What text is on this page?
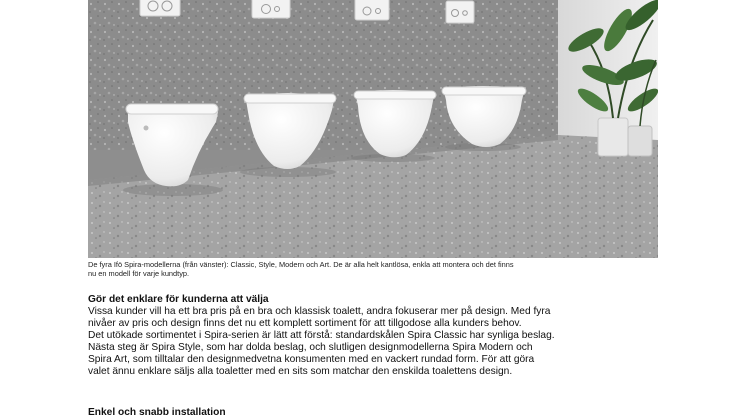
De fyra Ifö Spira-modellerna (från vänster): Classic, Style, Modern och Art. De är alla helt kantlösa, enkla att montera och det finns
nu en modell för varje kundtyp.

Gör det enklare för kunderna att välja

Vissa kunder vill ha ett bra pris på en bra och klassisk toalett, andra fokuserar mer på design. Med fyra
nivåer av pris och design finns det nu ett komplett sortiment för att tillgodose alla kunders behov.
Det utökade sortimentet i Spira-serien är lätt att förstå: standardskålen Spira Classic har synliga beslag.
Nästa steg är Spira Style, som har dolda beslag, och slutligen designmodellerna Spira Modern och
Spira Art, som tilltalar den designmedvetna konsumenten med en vackert rundad form. För att göra
valet ännu enklare säljs alla toaletter med en sits som matchar den enskilda toalettens design.

Enkel och snabb installation
